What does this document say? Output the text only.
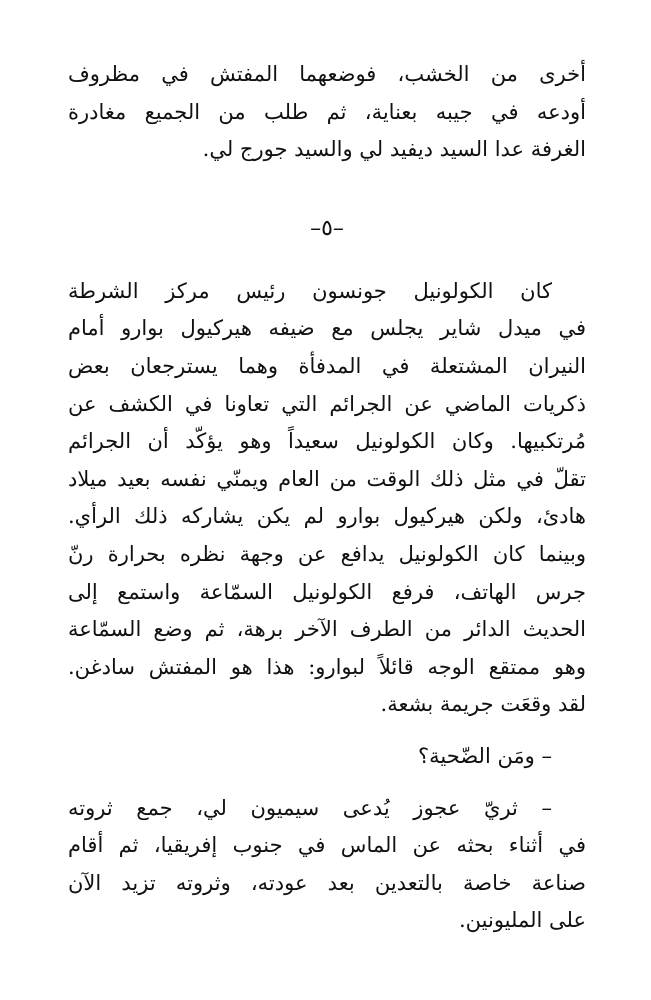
أخرى من الخشب، فوضعهما المفتش في مظروف
أودعه في جيبه بعناية، ثم طلب من الجميع مغادرة
الغرفة عدا السيد ديفيد لي والسيد جورج لي.
–٥–
كان الكولونيل جونسون رئيس مركز الشرطة
في ميدل شاير يجلس مع ضيفه هيركيول بوارو أمام
النيران المشتعلة في المدفأة وهما يسترجعان بعض
ذكريات الماضي عن الجرائم التي تعاونا في الكشف عن
مُرتكبيها. وكان الكولونيل سعيداً وهو يؤكّد أن الجرائم
تقلّ في مثل ذلك الوقت من العام ويمنّي نفسه بعيد ميلاد
هادئ، ولكن هيركيول بوارو لم يكن يشاركه ذلك الرأي.
وبينما كان الكولونيل يدافع عن وجهة نظره بحرارة رنّ
جرس الهاتف، فرفع الكولونيل السمّاعة واستمع إلى
الحديث الدائر من الطرف الآخر برهة، ثم وضع السمّاعة
وهو ممتقع الوجه قائلاً لبوارو: هذا هو المفتش سادغن.
لقد وقعَت جريمة بشعة.
– ومَن الضّحية؟
– ثريّ عجوز يُدعى سيميون لي، جمع ثروته
في أثناء بحثه عن الماس في جنوب إفريقيا، ثم أقام
صناعة خاصة بالتعدين بعد عودته، وثروته تزيد الآن
على المليونين.
